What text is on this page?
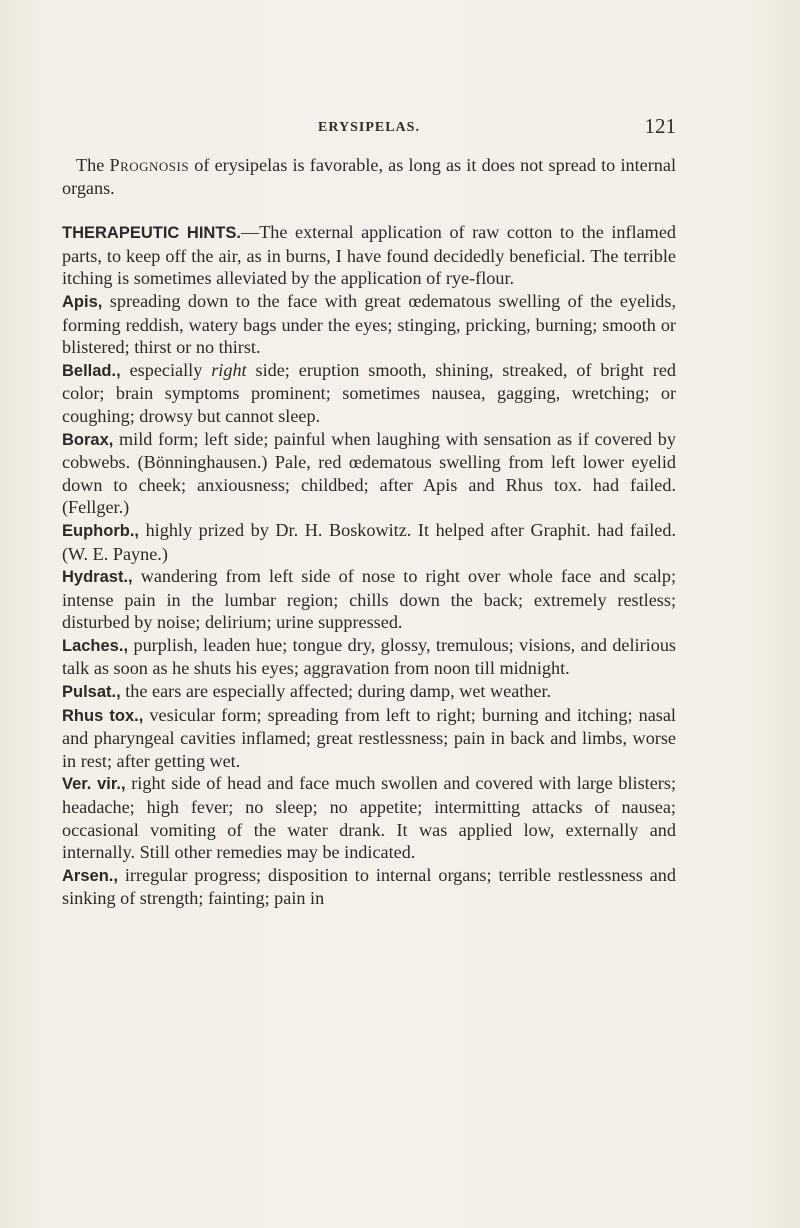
ERYSIPELAS.	121

The Prognosis of erysipelas is favorable, as long as it does not spread to internal organs.

THERAPEUTIC HINTS.—The external application of raw cotton to the inflamed parts, to keep off the air, as in burns, I have found decidedly beneficial. The terrible itching is sometimes alleviated by the application of rye-flour.

Apis, spreading down to the face with great œdematous swelling of the eyelids, forming reddish, watery bags under the eyes; stinging, pricking, burning; smooth or blistered; thirst or no thirst.

Bellad., especially right side; eruption smooth, shining, streaked, of bright red color; brain symptoms prominent; sometimes nausea, gagging, wretching; or coughing; drowsy but cannot sleep.

Borax, mild form; left side; painful when laughing with sensation as if covered by cobwebs. (Bönninghausen.) Pale, red œdematous swelling from left lower eyelid down to cheek; anxiousness; childbed; after Apis and Rhus tox. had failed. (Fellger.)

Euphorb., highly prized by Dr. H. Boskowitz. It helped after Graphit. had failed. (W. E. Payne.)

Hydrast., wandering from left side of nose to right over whole face and scalp; intense pain in the lumbar region; chills down the back; extremely restless; disturbed by noise; delirium; urine suppressed.

Laches., purplish, leaden hue; tongue dry, glossy, tremulous; visions, and delirious talk as soon as he shuts his eyes; aggravation from noon till midnight.

Pulsat., the ears are especially affected; during damp, wet weather.

Rhus tox., vesicular form; spreading from left to right; burning and itching; nasal and pharyngeal cavities inflamed; great restlessness; pain in back and limbs, worse in rest; after getting wet.

Ver. vir., right side of head and face much swollen and covered with large blisters; headache; high fever; no sleep; no appetite; intermitting attacks of nausea; occasional vomiting of the water drank. It was applied low, externally and internally. Still other remedies may be indicated.

Arsen., irregular progress; disposition to internal organs; terrible restlessness and sinking of strength; fainting; pain in
